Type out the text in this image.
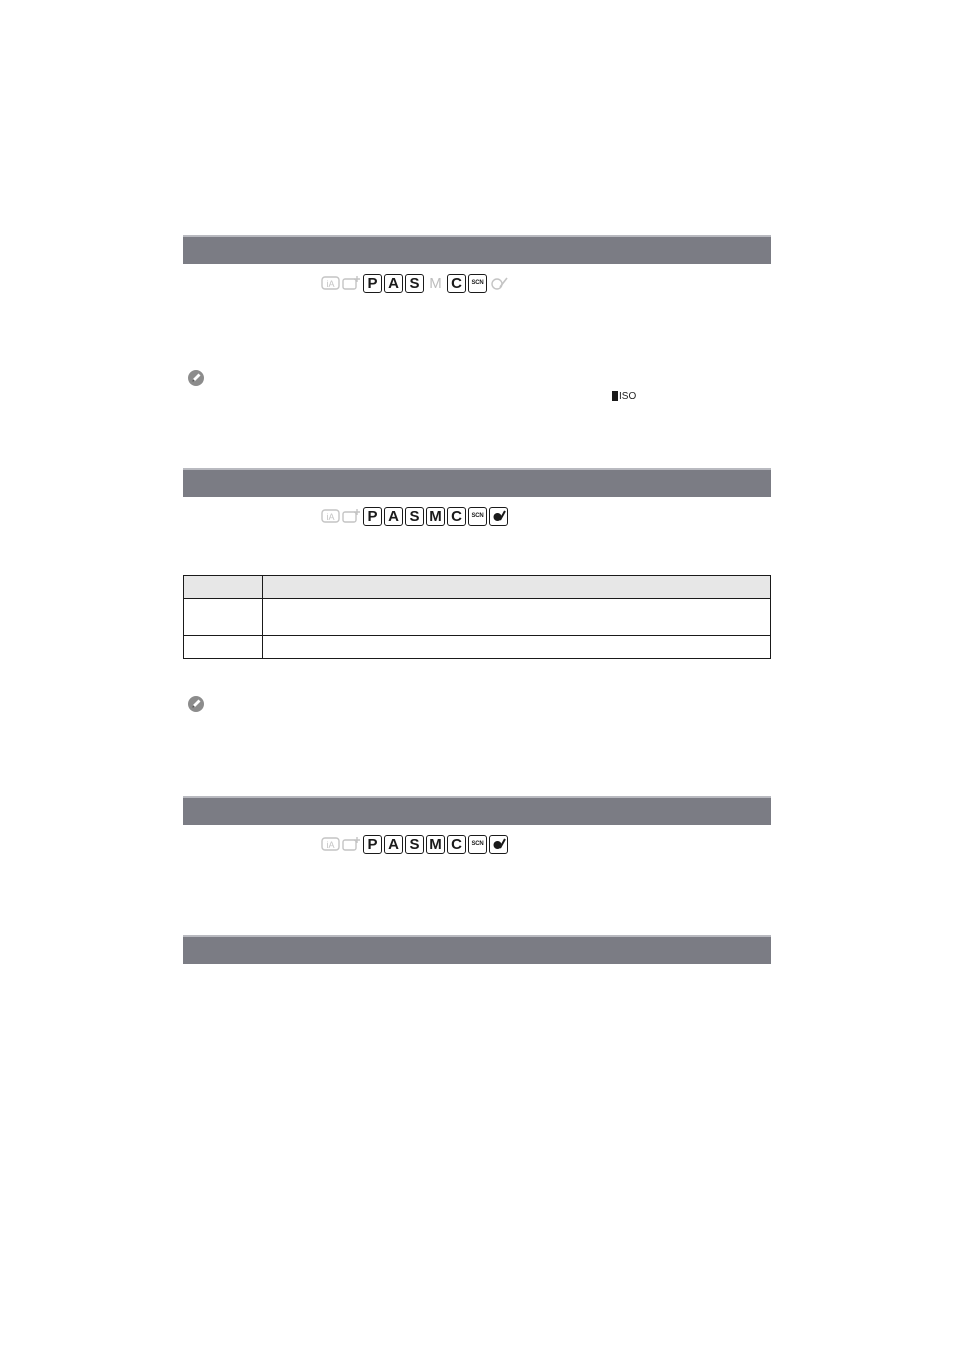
iA P A S M C	SCN
ISO
iA P A S M C	SCN

iA P A S M C	SCN
